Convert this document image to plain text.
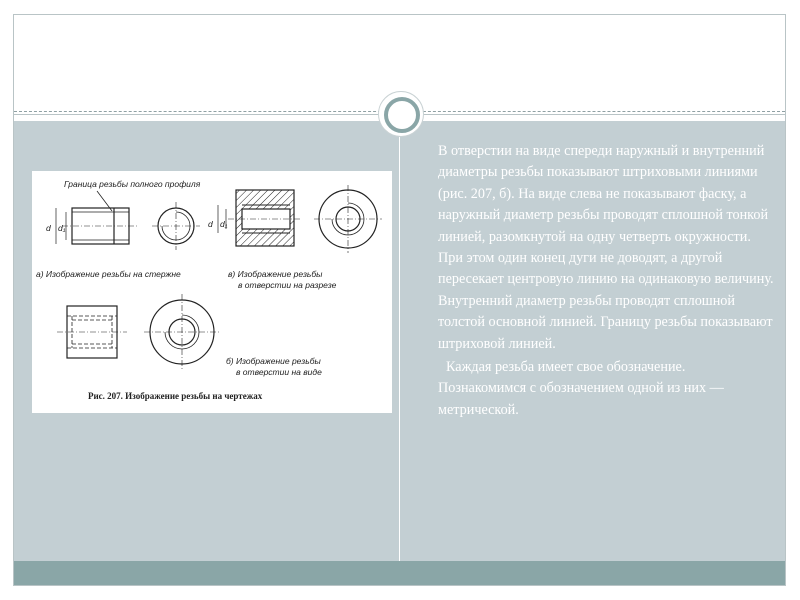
Граница резьбы полного профиля
d d₁	d d₁
а) Изображение резьбы на стержне	в) Изображение резьбы
в отверстии на разрезе
б) Изображение резьбы
в отверстии на виде
Рис. 207. Изображение резьбы на чертежах

В отверстии на виде спереди наружный и внутренний диаметры резьбы показывают штриховыми линиями (рис. 207, б). На виде слева не показывают фаску, а наружный диаметр резьбы проводят сплошной тонкой линией, разомкнутой на одну четверть окружности. При этом один конец дуги не доводят, а другой пересекает центровую линию на одинаковую величину. Внутренний диаметр резьбы проводят сплошной толстой основной линией. Границу резьбы показывают штриховой линией.

Каждая резьба имеет свое обозначение. Познакомимся с обозначением одной из них — метрической.
